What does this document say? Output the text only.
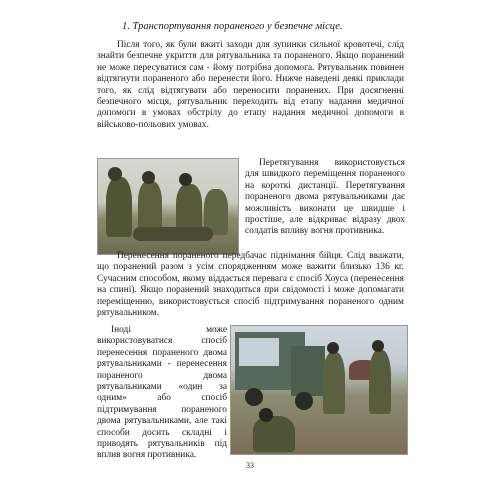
1. Транспортування пораненого у безпечне місце.

Після того, як були вжиті заходи для зупинки сильної кровотечі, слід знайти безпечне укриття для рятувальника та пораненого. Якщо поранений не може пересуватися сам - йому потрібна допомога. Рятувальник повинен відтягнути пораненого або перенести його. Нижче наведені деякі приклади того, як слід відтягувати або переносити поранених. При досягненні безпечного місця, рятувальник переходить від етапу надання медичної допомоги в умовах обстрілу до етапу надання медичної допомоги в військово-польових умовах.

Перетягування використовується для швидкого переміщення пораненого на короткі дистанції. Перетягування пораненого двома рятувальниками дає можливість виконати це швидше і простіше, але відкриває відразу двох солдатів впливу вогня противника.

Перенесення пораненого передбачає піднімання бійця. Слід вважати, що поранений разом з усім спорядженням може важити близько 136 кг. Сучасним способом, якому віддається перевага є спосіб Хоуса (перенесення на спині). Якщо поранений знаходиться при свідомості і може допомагати переміщенню, використовується спосіб підтримування пораненого одним рятувальником.

Іноді може використовуватися спосіб перенесення пораненого двома рятувальниками - перенесення пораненого двома рятувальниками «один за одним» або спосіб підтримування пораненого двома рятувальниками, але такі способи досить складні і приводять рятувальників під вплив вогня противника.

33
